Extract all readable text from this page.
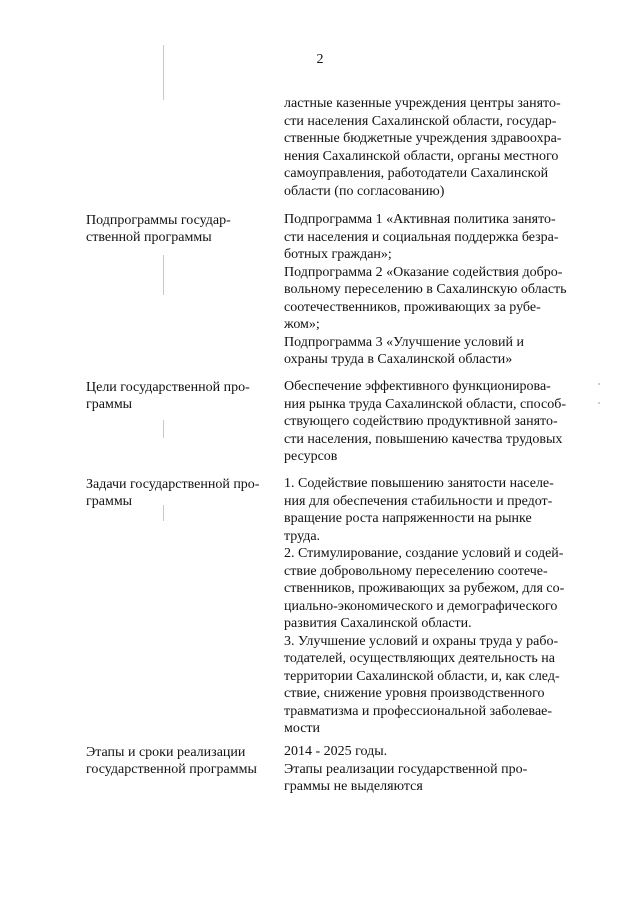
2

ластные казенные учреждения центры занято-

сти населения Сахалинской области, государ-

ственные бюджетные учреждения здравоохра-

нения Сахалинской области, органы местного

самоуправления, работодатели Сахалинской

области (по согласованию)

Подпрограммы государ-
ственной программы

Подпрограмма 1 «Активная политика занято-

сти населения и социальная поддержка безра-

ботных граждан»;

Подпрограмма 2 «Оказание содействия добро-

вольному переселению в Сахалинскую область

соотечественников, проживающих за рубе-

жом»;

Подпрограмма 3 «Улучшение условий и

охраны труда в Сахалинской области»

Цели государственной про-
граммы

Обеспечение эффективного функционирова-

ния рынка труда Сахалинской области, способ-

ствующего содействию продуктивной занято-

сти населения, повышению качества трудовых

ресурсов

Задачи государственной про-
граммы

1. Содействие повышению занятости населе-

ния для обеспечения стабильности и предот-

вращение роста напряженности на рынке

труда.

2. Стимулирование, создание условий и содей-

ствие добровольному переселению соотече-

ственников, проживающих за рубежом, для со-

циально-экономического и демографического

развития Сахалинской области.

3. Улучшение условий и охраны труда у рабо-

тодателей, осуществляющих деятельность на

территории Сахалинской области, и, как след-

ствие, снижение уровня производственного

травматизма и профессиональной заболевае-

мости

Этапы и сроки реализации
государственной программы

2014 - 2025 годы.

Этапы реализации государственной про-

граммы не выделяются
